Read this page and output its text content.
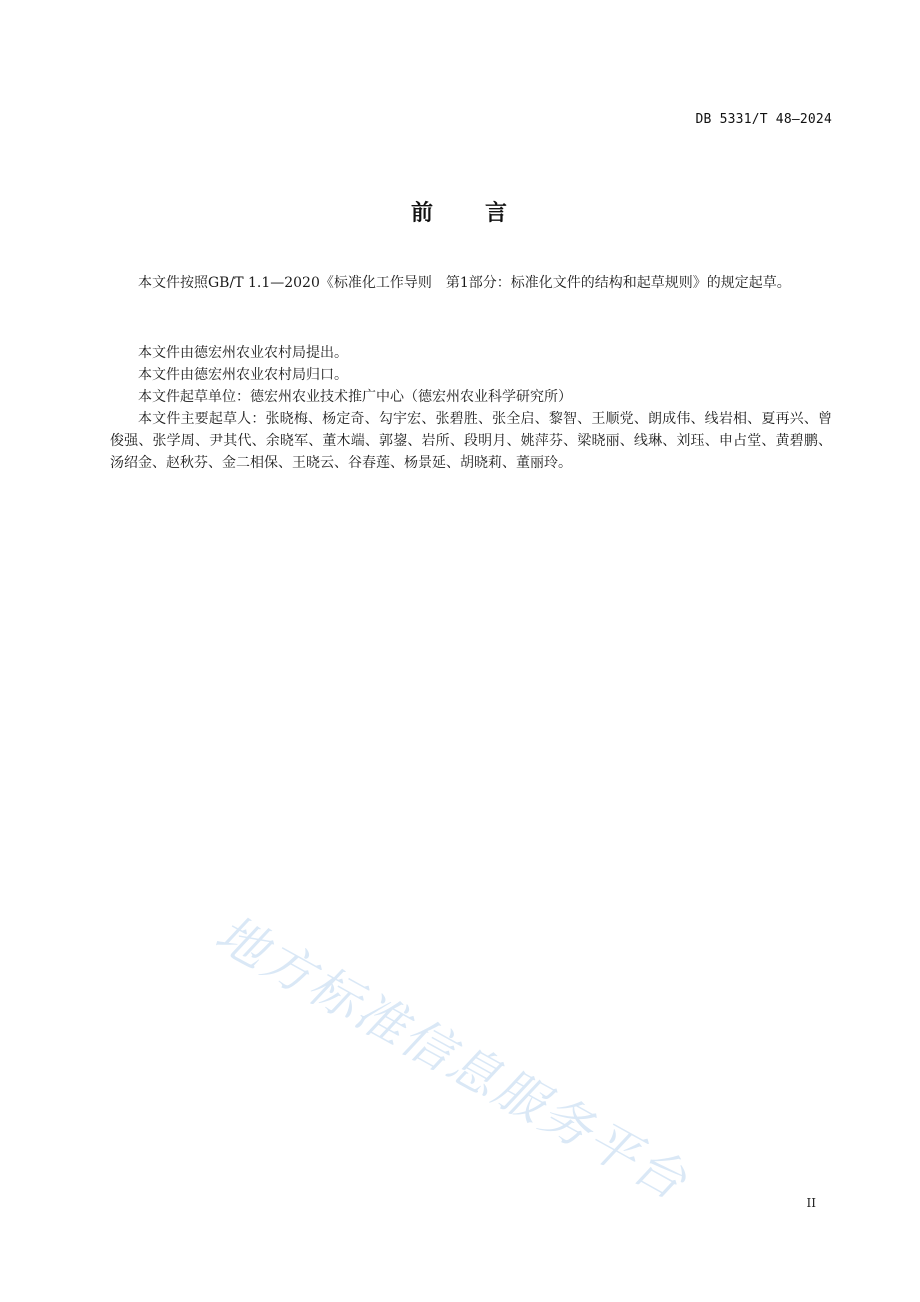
DB 5331/T 48—2024
前 言

本文件按照GB/T 1.1—2020《标准化工作导则　第1部分：标准化文件的结构和起草规则》的规定起草。

本文件由德宏州农业农村局提出。

本文件由德宏州农业农村局归口。

本文件起草单位：德宏州农业技术推广中心（德宏州农业科学研究所）

本文件主要起草人：张晓梅、杨定奇、勾宇宏、张碧胜、张全启、黎智、王顺党、朗成伟、线岩相、夏再兴、曾俊强、张学周、尹其代、余晓军、董木端、郭鋆、岩所、段明月、姚萍芬、梁晓丽、线琳、刘珏、申占堂、黄碧鹏、汤绍金、赵秋芬、金二相保、王晓云、谷春莲、杨景延、胡晓莉、董丽玲。

地方标准信息服务平台	II
